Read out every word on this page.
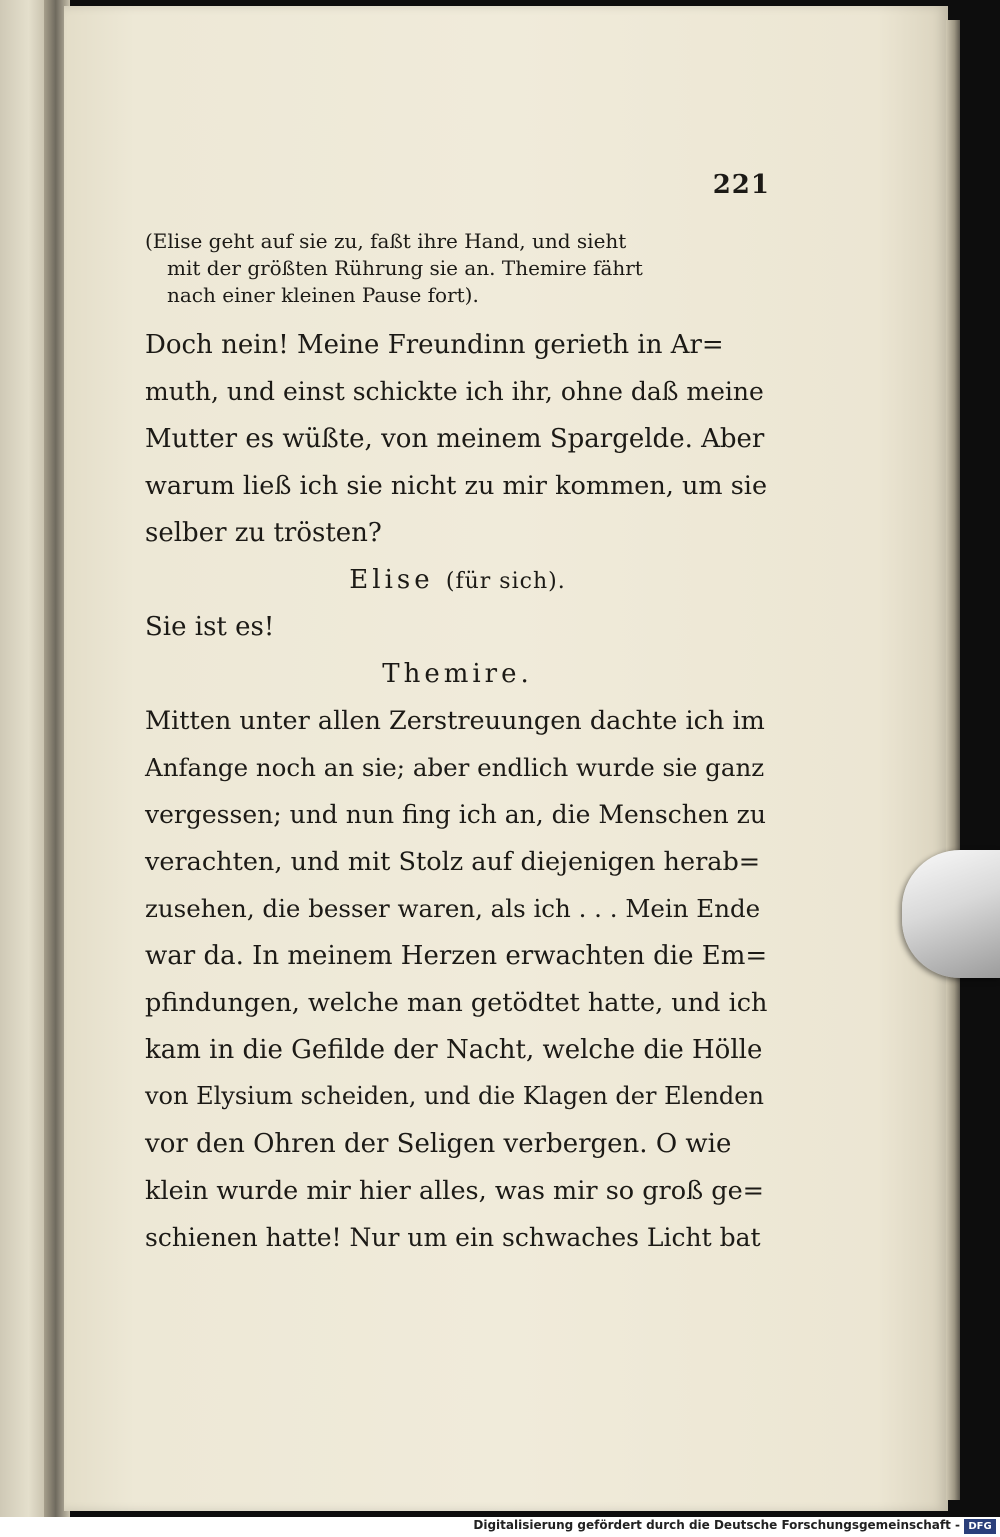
221
(Elise geht auf sie zu, faßt ihre Hand, und sieht
mit der größten Rührung sie an. Themire fährt
nach einer kleinen Pause fort).
Doch nein! Meine Freundinn gerieth in Ar=
muth, und einst schickte ich ihr, ohne daß meine
Mutter es wüßte, von meinem Spargelde. Aber
warum ließ ich sie nicht zu mir kommen, um sie
selber zu trösten?
Elise (für sich).
Sie ist es!
Themire.
Mitten unter allen Zerstreuungen dachte ich im
Anfange noch an sie; aber endlich wurde sie ganz
vergessen; und nun fing ich an, die Menschen zu
verachten, und mit Stolz auf diejenigen herab=
zusehen, die besser waren, als ich . . . Mein Ende
war da. In meinem Herzen erwachten die Em=
pfindungen, welche man getödtet hatte, und ich
kam in die Gefilde der Nacht, welche die Hölle
von Elysium scheiden, und die Klagen der Elenden
vor den Ohren der Seligen verbergen. O wie
klein wurde mir hier alles, was mir so groß ge=
schienen hatte! Nur um ein schwaches Licht bat
Digitalisierung gefördert durch die Deutsche Forschungsgemeinschaft - DFG
